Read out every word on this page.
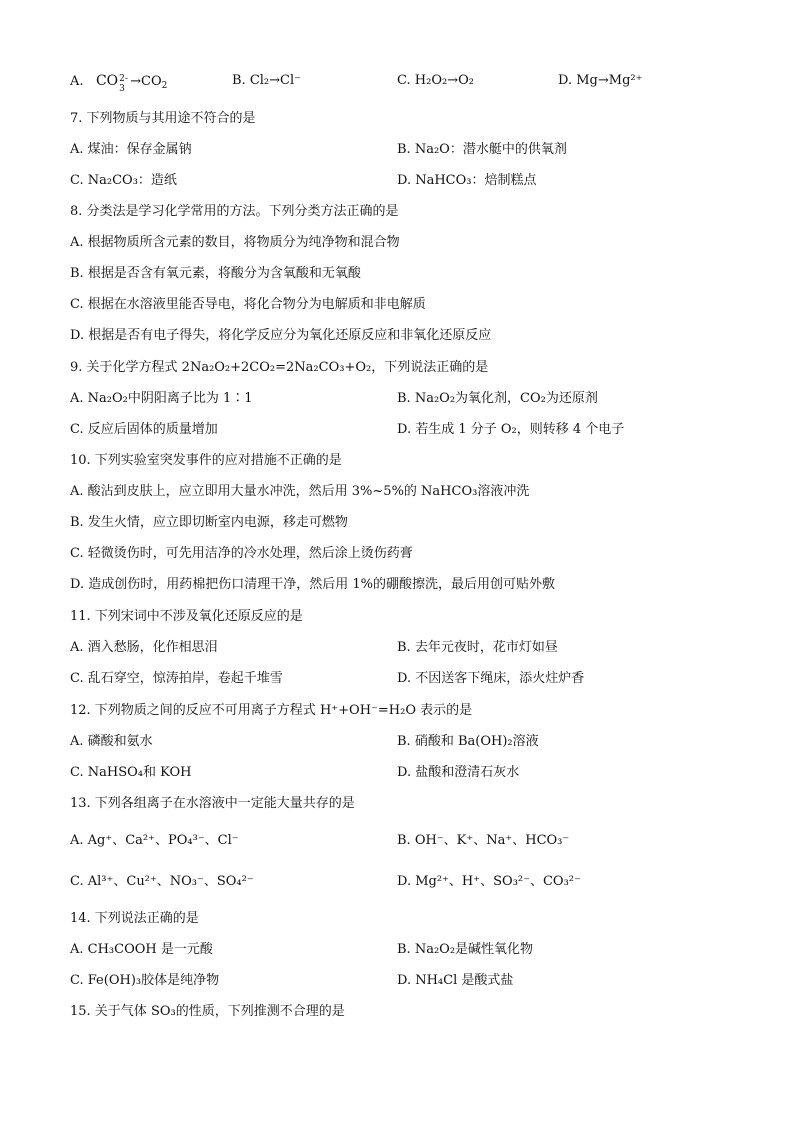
A. CO 2-
$3 \to CO_2$	B. Cl₂→Cl⁻	C. H₂O₂→O₂	D. Mg→Mg²⁺
7. 下列物质与其用途不符合的是
A. 煤油：保存金属钠	B. Na₂O：潜水艇中的供氧剂
C. Na₂CO₃：造纸	D. NaHCO₃：焙制糕点
8. 分类法是学习化学常用的方法。下列分类方法正确的是
A. 根据物质所含元素的数目，将物质分为纯净物和混合物
B. 根据是否含有氧元素，将酸分为含氧酸和无氧酸
C. 根据在水溶液里能否导电，将化合物分为电解质和非电解质
D. 根据是否有电子得失，将化学反应分为氧化还原反应和非氧化还原反应
9. 关于化学方程式 2Na₂O₂+2CO₂=2Na₂CO₃+O₂，下列说法正确的是
A. Na₂O₂中阴阳离子比为 1∶1	B. Na₂O₂为氧化剂，CO₂为还原剂
C. 反应后固体的质量增加	D. 若生成 1 分子 O₂，则转移 4 个电子
10. 下列实验室突发事件的应对措施不正确的是
A. 酸沾到皮肤上，应立即用大量水冲洗，然后用 3%~5%的 NaHCO₃溶液冲洗
B. 发生火情，应立即切断室内电源，移走可燃物
C. 轻微烫伤时，可先用洁净的冷水处理，然后涂上烫伤药膏
D. 造成创伤时，用药棉把伤口清理干净，然后用 1%的硼酸擦洗，最后用创可贴外敷
11. 下列宋词中不涉及氧化还原反应的是
A. 酒入愁肠，化作相思泪	B. 去年元夜时，花市灯如昼
C. 乱石穿空，惊涛拍岸，卷起千堆雪	D. 不因送客下绳床，添火炷炉香
12. 下列物质之间的反应不可用离子方程式 H⁺+OH⁻=H₂O 表示的是
A. 磷酸和氨水	B. 硝酸和 Ba(OH)₂溶液
C. NaHSO₄和 KOH	D. 盐酸和澄清石灰水
13. 下列各组离子在水溶液中一定能大量共存的是
A. Ag⁺、Ca²⁺、PO₄³⁻、Cl⁻	B. OH⁻、K⁺、Na⁺、HCO₃⁻
C. Al³⁺、Cu²⁺、NO₃⁻、SO₄²⁻	D. Mg²⁺、H⁺、SO₃²⁻、CO₃²⁻
14. 下列说法正确的是
A. CH₃COOH 是一元酸	B. Na₂O₂是碱性氧化物
C. Fe(OH)₃胶体是纯净物	D. NH₄Cl 是酸式盐
15. 关于气体 SO₃的性质，下列推测不合理的是
